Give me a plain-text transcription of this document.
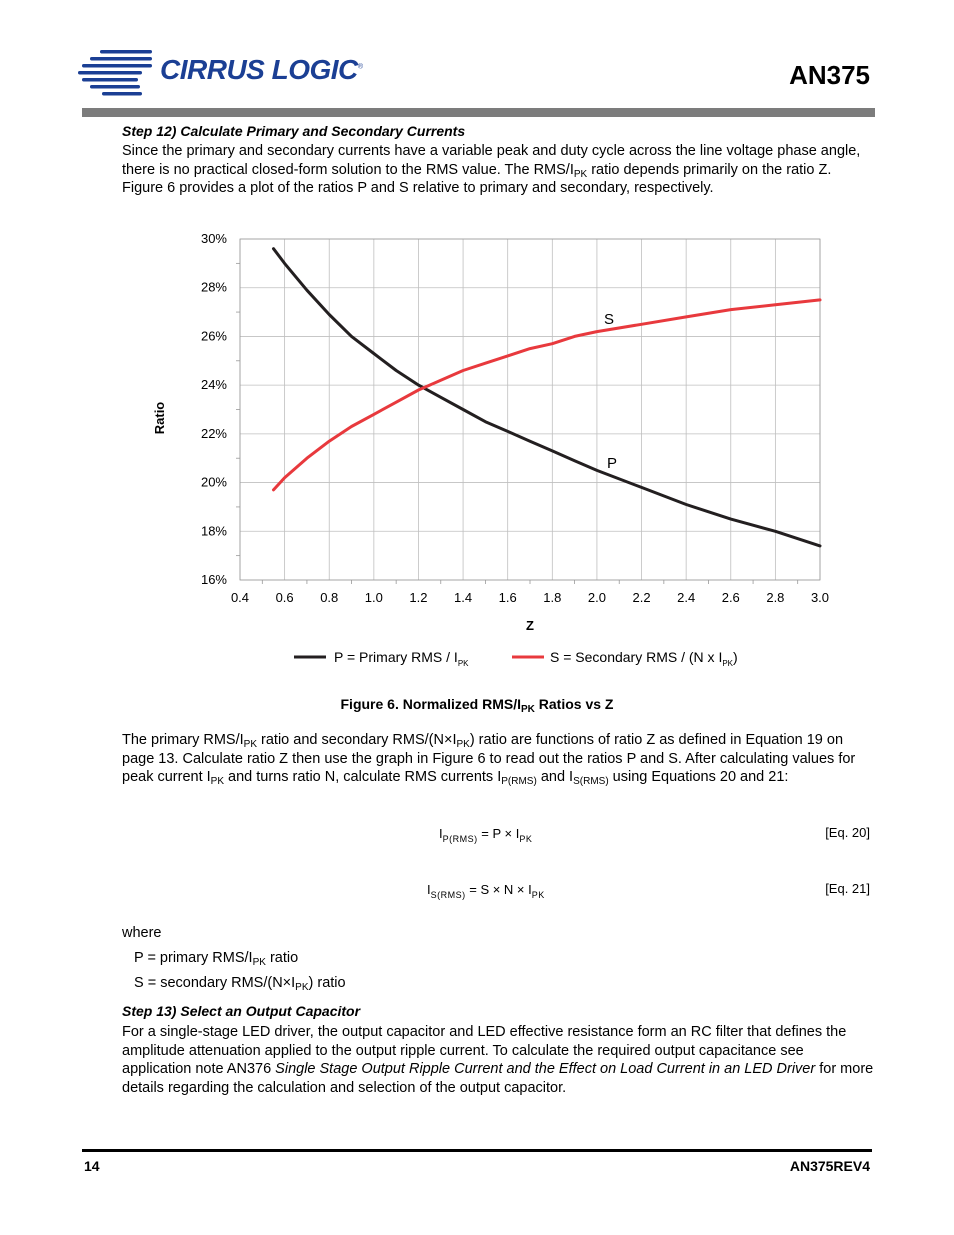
CIRRUS LOGIC®	AN375
Step 12) Calculate Primary and Secondary Currents
Since the primary and secondary currents have a variable peak and duty cycle across the line voltage phase angle, there is no practical closed-form solution to the RMS value. The RMS/$I_{PK}$ ratio depends primarily on the ratio Z. Figure 6 provides a plot of the ratios P and S relative to primary and secondary, respectively.
0.4 0.6 0.8 1.0 1.2 1.4 1.6 1.8 2.0 2.2 2.4 2.6 2.8 3.0
16%
18%
20%
22%
24%
26%
28%
30%
Ratio
Z
S
P
P = Primary RMS / $I_{PK}$	S = Secondary RMS / (N x $I_{PK}$)
Figure 6. Normalized RMS/$I_{PK}$ Ratios vs Z
The primary RMS/$I_{PK}$ ratio and secondary RMS/$(N\times I_{PK})$ ratio are functions of ratio Z as defined in Equation 19 on page 13. Calculate ratio Z then use the graph in Figure 6 to read out the ratios P and S. After calculating values for peak current $I_{PK}$ and turns ratio N, calculate RMS currents $I_{P(RMS)}$ and $I_{S(RMS)}$ using Equations 20 and 21:
$I_{P(RMS)} = P \times I_{PK}$	[Eq. 20]
$I_{S(RMS)} = S \times N \times I_{PK}$	[Eq. 21]
where
P = primary RMS/$I_{PK}$ ratio
S = secondary RMS/$(N\times I_{PK})$ ratio
Step 13) Select an Output Capacitor
For a single-stage LED driver, the output capacitor and LED effective resistance form an RC filter that defines the amplitude attenuation applied to the output ripple current. To calculate the required output capacitance see application note AN376 Single Stage Output Ripple Current and the Effect on Load Current in an LED Driver for more details regarding the calculation and selection of the output capacitor.
14	AN375REV4
